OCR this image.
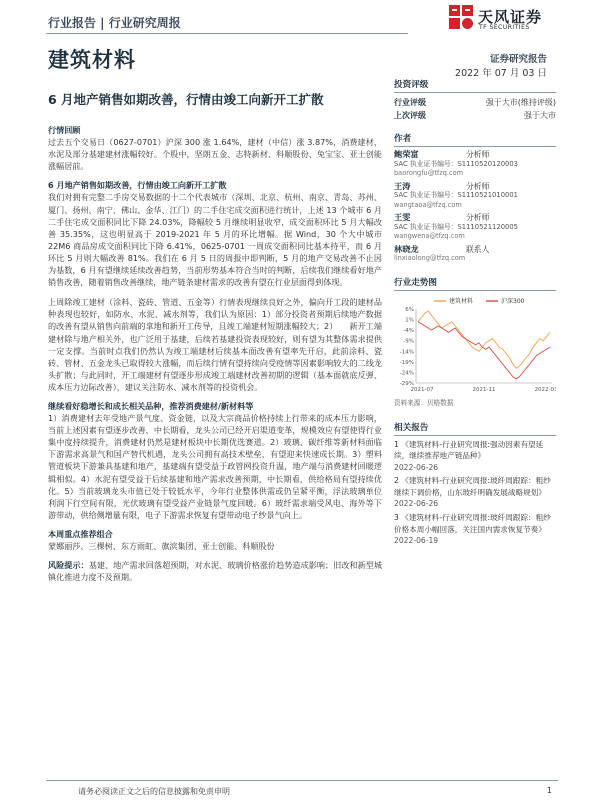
行业报告 | 行业研究周报	天风证券
TF SECURITIES
建筑材料	证券研究报告
2022 年 07 月 03 日
6 月地产销售如期改善，行情由竣工向新开工扩散
行情回顾

过去五个交易日（0627-0701）沪深 300 涨 1.64%，建材（中信）涨 3.87%，消费建材，水泥及部分基建建材涨幅较好。个股中，坚朗五金、志特新材、科顺股份、兔宝宝、亚士创能涨幅居前。

6 月地产销售如期改善，行情由竣工向新开工扩散

我们对拥有完整二手房交易数据的十二个代表城市（深圳、北京、杭州、南京、青岛、苏州、厦门、扬州、南宁、佛山、金华、江门）的二手住宅成交面积进行统计，上述 13 个城市 6 月二手住宅成交面积同比下降 24.03%，降幅较 5 月继续明显收窄，成交面积环比 5 月大幅改善 35.35%，这也明显高于 2019-2021 年 5 月的环比增幅。据 Wind，30 个大中城市 22M6 商品房成交面积同比下降 6.41%，0625-0701 一周成交面积同比基本持平，而 6 月环比 5 月则大幅改善 81%。我们在 6 月 5 日的周报中即判断，5 月的地产交易改善不止因为基数，6 月有望继续延续改善趋势，当前形势基本符合当时的判断，后续我们继续看好地产销售改善，随着销售改善继续，地产链条建材需求的改善有望在行业层面得到体现。

上周除竣工建材（涂料、瓷砖、管道、五金等）行情表现继续良好之外，偏向开工段的建材品种表现也较好，如防水、水泥、减水剂等，我们认为原因：1）部分投资者预期后续地产数据的改善有望从销售向前端的拿地和新开工传导，且竣工端建材短期涨幅较大；2）　　新开工端建材除与地产相关外，也广泛用于基建，后续若基建投资表现较好，则有望为其整体需求提供一定支撑。当前时点我们仍然认为竣工端建材后续基本面改善有望率先开启，此前涂料、瓷砖、管材、五金龙头已取得较大涨幅，而后续行情有望持续向受疫情等因素影响较大的二线龙头扩散；与此同时，开工端建材有望逐步形成竣工端建材改善初期的逻辑（基本面就底反弹、成本压力边际改善），建议关注防水、减水剂等的投资机会。

继续看好稳增长和成长相关品种，推荐消费建材/新材料等

1）消费建材去年受地产景气度、资金链，以及大宗商品价格持续上行带来的成本压力影响，当前上述因素有望逐步改善，中长期看，龙头公司已经开启渠道变革，规模效应有望使得行业集中度持续提升，消费建材仍然是建材板块中长期优选赛道。2）玻璃、碳纤维等新材料面临下游需求高景气和国产替代机遇，龙头公司拥有高技术壁垒，有望迎来快速成长期。3）塑料管道板块下游兼具基建和地产，基建端有望受益于政管网投资升温，地产端与消费建材回暖逻辑相似。4）水泥有望受益于后续基建和地产需求改善预期，中长期看，供给格局有望持续优化。5）当前玻璃龙头市值已处于较低水平，今年行业整体供需或仍呈紧平衡，浮法玻璃单位利润下行空间有限，光伏玻璃有望受益产业链景气度回暖。6）玻纤需求端受风电、海外等下游带动，供给侧增量有限，电子下游需求恢复有望带动电子纱景气向上。

本周重点推荐组合

蒙娜丽莎、三棵树、东方雨虹、旗滨集团、亚士创能、科顺股份

风险提示：基建、地产需求回落超预期，对水泥、玻璃价格涨价趋势造成影响；旧改和新型城镇化推进力度不及预期。

投资评级
行业评级	强于大市(维持评级)
上次评级	强于大市
作者
鲍荣富	分析师
SAC 执业证书编号：S1110520120003
baorongfu@tfzq.com
王涛	分析师
SAC 执业证书编号：S1110521010001
wangtaoa@tfzq.com
王雯	分析师
SAC 执业证书编号：S1110521120005
wangwena@tfzq.com
林晓龙	联系人
linxiaolong@tfzq.com
行业走势图
6%
1%
-4%
-9%
-14%
-19%
-24%
-29%
2021-07	2021-11	2022-03
建筑材料	沪深300
资料来源：贝格数据
相关报告
1 《建筑材料-行业研究周报:强动因素有望延续，继续推荐地产链品种》
2022-06-26
2 《建筑材料-行业研究周报:玻纤周跟踪：粗纱继续下调价格，山东玻纤明确发展战略规划》
2022-06-26
3 《建筑材料-行业研究周报:玻纤周跟踪：粗纱价格本周小幅回落，关注国内需求恢复节奏》
2022-06-19
请务必阅读正文之后的信息披露和免责申明	1
